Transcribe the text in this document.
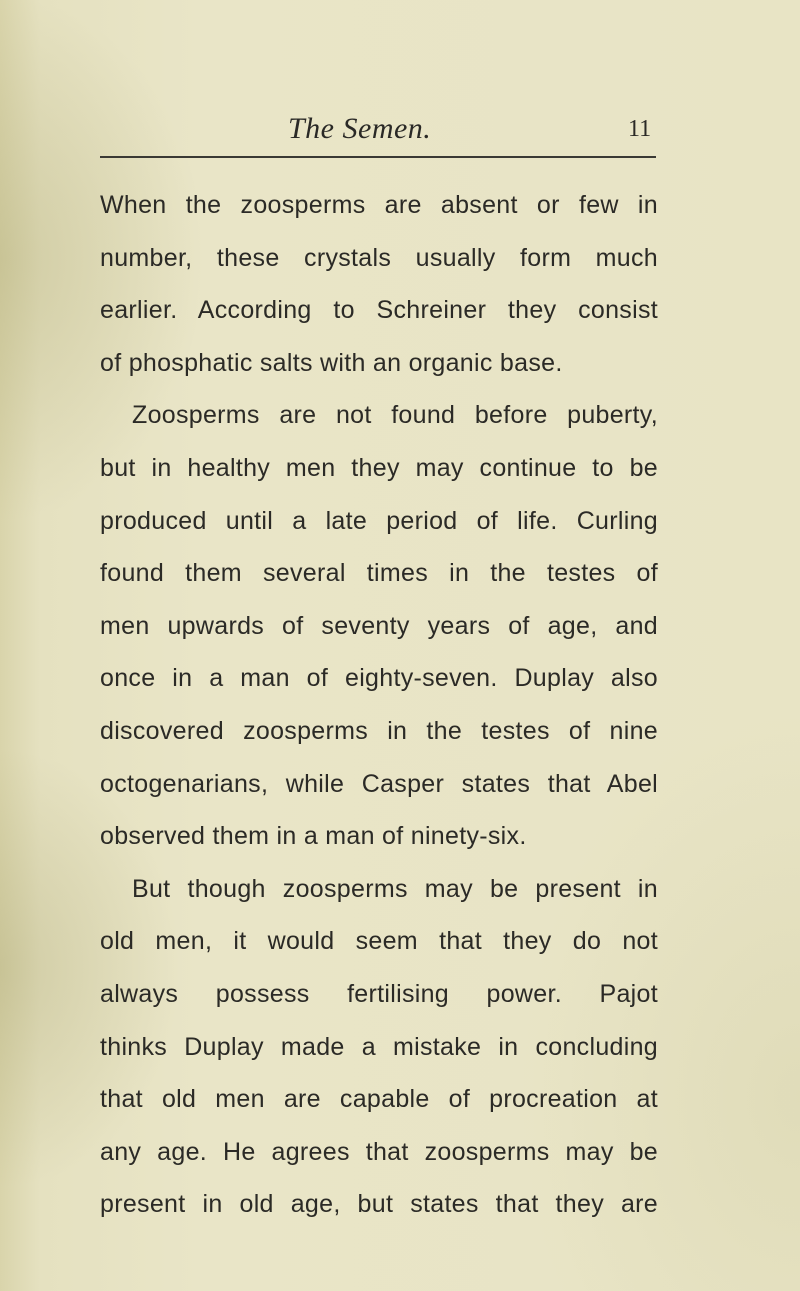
The Semen.	11
When the zoosperms are absent or few in
number, these crystals usually form much
earlier. According to Schreiner they consist
of phosphatic salts with an organic base.
Zoosperms are not found before puberty,
but in healthy men they may continue to be
produced until a late period of life. Curling
found them several times in the testes of
men upwards of seventy years of age, and
once in a man of eighty-seven. Duplay also
discovered zoosperms in the testes of nine
octogenarians, while Casper states that Abel
observed them in a man of ninety-six.
But though zoosperms may be present in
old men, it would seem that they do not
always possess fertilising power. Pajot
thinks Duplay made a mistake in concluding
that old men are capable of procreation at
any age. He agrees that zoosperms may be
present in old age, but states that they are
